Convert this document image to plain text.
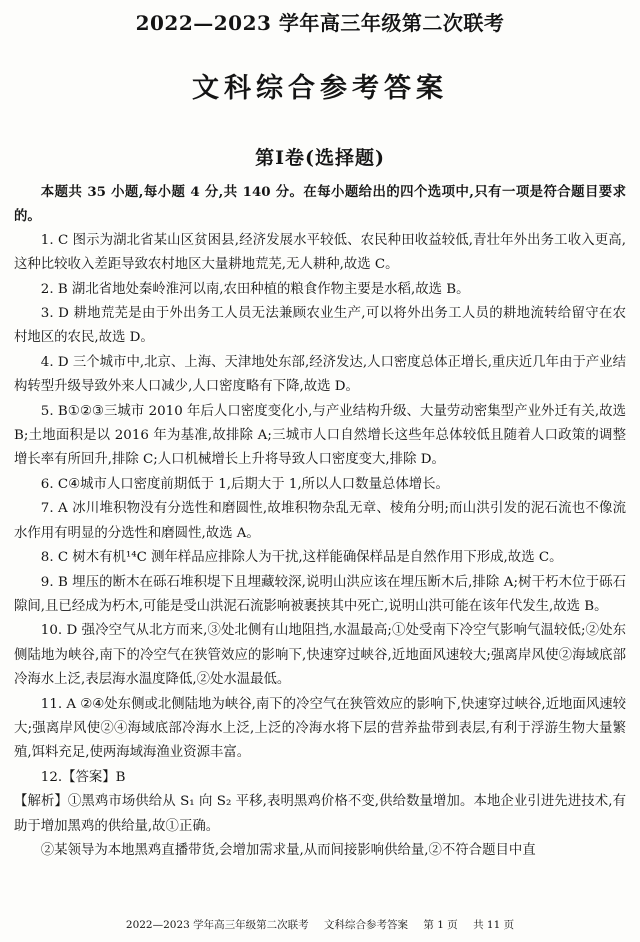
2022—2023 学年高三年级第二次联考
文科综合参考答案
第Ⅰ卷(选择题)

本题共 35 小题,每小题 4 分,共 140 分。在每小题给出的四个选项中,只有一项是符合题目要求的。

1. C 图示为湖北省某山区贫困县,经济发展水平较低、农民种田收益较低,青壮年外出务工收入更高,这种比较收入差距导致农村地区大量耕地荒芜,无人耕种,故选 C。

2. B 湖北省地处秦岭淮河以南,农田种植的粮食作物主要是水稻,故选 B。

3. D 耕地荒芜是由于外出务工人员无法兼顾农业生产,可以将外出务工人员的耕地流转给留守在农村地区的农民,故选 D。

4. D 三个城市中,北京、上海、天津地处东部,经济发达,人口密度总体正增长,重庆近几年由于产业结构转型升级导致外来人口减少,人口密度略有下降,故选 D。

5. B①②③三城市 2010 年后人口密度变化小,与产业结构升级、大量劳动密集型产业外迁有关,故选 B;土地面积是以 2016 年为基准,故排除 A;三城市人口自然增长这些年总体较低且随着人口政策的调整增长率有所回升,排除 C;人口机械增长上升将导致人口密度变大,排除 D。

6. C④城市人口密度前期低于 1,后期大于 1,所以人口数量总体增长。

7. A 冰川堆积物没有分选性和磨圆性,故堆积物杂乱无章、棱角分明;而山洪引发的泥石流也不像流水作用有明显的分选性和磨圆性,故选 A。

8. C 树木有机¹⁴C 测年样品应排除人为干扰,这样能确保样品是自然作用下形成,故选 C。

9. B 埋压的断木在砾石堆积堤下且埋藏较深,说明山洪应该在埋压断木后,排除 A;树干朽木位于砾石隙间,且已经成为朽木,可能是受山洪泥石流影响被裹挟其中死亡,说明山洪可能在该年代发生,故选 B。

10. D 强冷空气从北方而来,③处北侧有山地阻挡,水温最高;①处受南下冷空气影响气温较低;②处东侧陆地为峡谷,南下的冷空气在狭管效应的影响下,快速穿过峡谷,近地面风速较大;强离岸风使②海域底部冷海水上泛,表层海水温度降低,②处水温最低。

11. A ②④处东侧或北侧陆地为峡谷,南下的冷空气在狭管效应的影响下,快速穿过峡谷,近地面风速较大;强离岸风使②④海域底部冷海水上泛,上泛的冷海水将下层的营养盐带到表层,有利于浮游生物大量繁殖,饵料充足,使两海域海渔业资源丰富。

12.【答案】B

【解析】①黑鸡市场供给从 S₁ 向 S₂ 平移,表明黑鸡价格不变,供给数量增加。本地企业引进先进技术,有助于增加黑鸡的供给量,故①正确。

②某领导为本地黑鸡直播带货,会增加需求量,从而间接影响供给量,②不符合题目中直

2022—2023 学年高三年级第二次联考 文科综合参考答案 第 1 页 共 11 页
